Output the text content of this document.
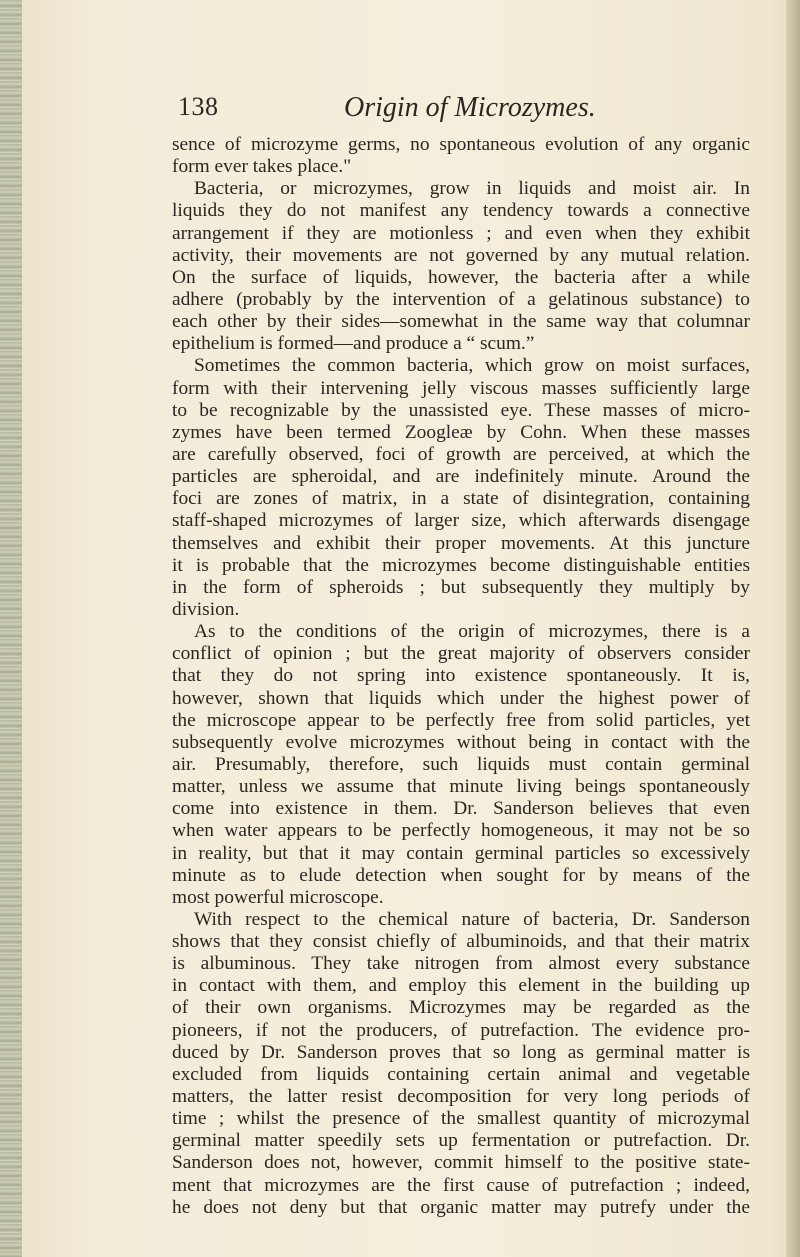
138	Origin of Microzymes.
sence of microzyme germs, no spontaneous evolution of any organic
form ever takes place."
Bacteria, or microzymes, grow in liquids and moist air. In
liquids they do not manifest any tendency towards a connective
arrangement if they are motionless ; and even when they exhibit
activity, their movements are not governed by any mutual relation.
On the surface of liquids, however, the bacteria after a while
adhere (probably by the intervention of a gelatinous substance) to
each other by their sides—somewhat in the same way that columnar
epithelium is formed—and produce a “ scum.”
Sometimes the common bacteria, which grow on moist surfaces,
form with their intervening jelly viscous masses sufficiently large
to be recognizable by the unassisted eye. These masses of micro-
zymes have been termed Zoogleæ by Cohn. When these masses
are carefully observed, foci of growth are perceived, at which the
particles are spheroidal, and are indefinitely minute. Around the
foci are zones of matrix, in a state of disintegration, containing
staff-shaped microzymes of larger size, which afterwards disengage
themselves and exhibit their proper movements. At this juncture
it is probable that the microzymes become distinguishable entities
in the form of spheroids ; but subsequently they multiply by
division.
As to the conditions of the origin of microzymes, there is a
conflict of opinion ; but the great majority of observers consider
that they do not spring into existence spontaneously. It is,
however, shown that liquids which under the highest power of
the microscope appear to be perfectly free from solid particles, yet
subsequently evolve microzymes without being in contact with the
air. Presumably, therefore, such liquids must contain germinal
matter, unless we assume that minute living beings spontaneously
come into existence in them. Dr. Sanderson believes that even
when water appears to be perfectly homogeneous, it may not be so
in reality, but that it may contain germinal particles so excessively
minute as to elude detection when sought for by means of the
most powerful microscope.
With respect to the chemical nature of bacteria, Dr. Sanderson
shows that they consist chiefly of albuminoids, and that their matrix
is albuminous. They take nitrogen from almost every substance
in contact with them, and employ this element in the building up
of their own organisms. Microzymes may be regarded as the
pioneers, if not the producers, of putrefaction. The evidence pro-
duced by Dr. Sanderson proves that so long as germinal matter is
excluded from liquids containing certain animal and vegetable
matters, the latter resist decomposition for very long periods of
time ; whilst the presence of the smallest quantity of microzymal
germinal matter speedily sets up fermentation or putrefaction. Dr.
Sanderson does not, however, commit himself to the positive state-
ment that microzymes are the first cause of putrefaction ; indeed,
he does not deny but that organic matter may putrefy under the
